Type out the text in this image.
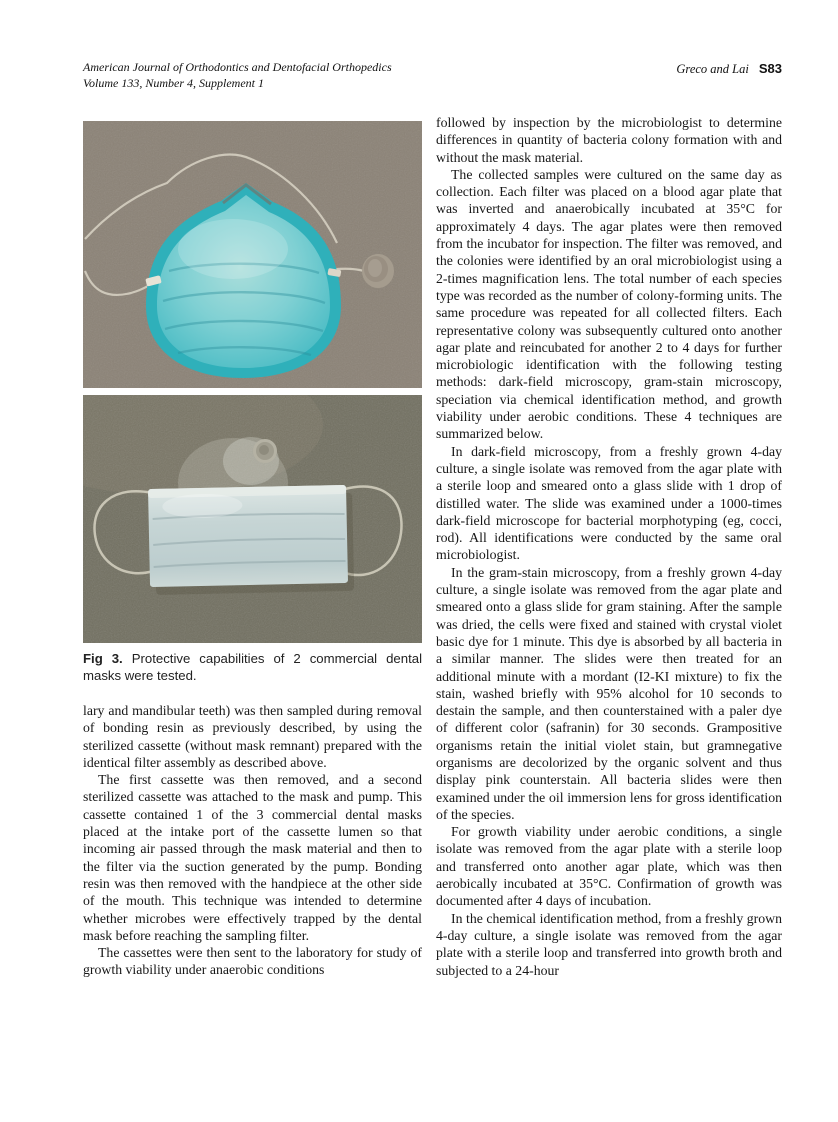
American Journal of Orthodontics and Dentofacial Orthopedics
Volume 133, Number 4, Supplement 1
Greco and Lai S83
Fig 3. Protective capabilities of 2 commercial dental masks were tested.

lary and mandibular teeth) was then sampled during removal of bonding resin as previously described, by using the sterilized cassette (without mask remnant) prepared with the identical filter assembly as described above.

The first cassette was then removed, and a second sterilized cassette was attached to the mask and pump. This cassette contained 1 of the 3 commercial dental masks placed at the intake port of the cassette lumen so that incoming air passed through the mask material and then to the filter via the suction generated by the pump. Bonding resin was then removed with the handpiece at the other side of the mouth. This technique was intended to determine whether microbes were effectively trapped by the dental mask before reaching the sampling filter.

The cassettes were then sent to the laboratory for study of growth viability under anaerobic conditions

followed by inspection by the microbiologist to determine differences in quantity of bacteria colony formation with and without the mask material.

The collected samples were cultured on the same day as collection. Each filter was placed on a blood agar plate that was inverted and anaerobically incubated at 35°C for approximately 4 days. The agar plates were then removed from the incubator for inspection. The filter was removed, and the colonies were identified by an oral microbiologist using a 2-times magnification lens. The total number of each species type was recorded as the number of colony-forming units. The same procedure was repeated for all collected filters. Each representative colony was subsequently cultured onto another agar plate and reincubated for another 2 to 4 days for further microbiologic identification with the following testing methods: dark-field microscopy, gram-stain microscopy, speciation via chemical identification method, and growth viability under aerobic conditions. These 4 techniques are summarized below.

In dark-field microscopy, from a freshly grown 4-day culture, a single isolate was removed from the agar plate with a sterile loop and smeared onto a glass slide with 1 drop of distilled water. The slide was examined under a 1000-times dark-field microscope for bacterial morphotyping (eg, cocci, rod). All identifications were conducted by the same oral microbiologist.

In the gram-stain microscopy, from a freshly grown 4-day culture, a single isolate was removed from the agar plate and smeared onto a glass slide for gram staining. After the sample was dried, the cells were fixed and stained with crystal violet basic dye for 1 minute. This dye is absorbed by all bacteria in a similar manner. The slides were then treated for an additional minute with a mordant (I2-KI mixture) to fix the stain, washed briefly with 95% alcohol for 10 seconds to destain the sample, and then counterstained with a paler dye of different color (safranin) for 30 seconds. Grampositive organisms retain the initial violet stain, but gramnegative organisms are decolorized by the organic solvent and thus display pink counterstain. All bacteria slides were then examined under the oil immersion lens for gross identification of the species.

For growth viability under aerobic conditions, a single isolate was removed from the agar plate with a sterile loop and transferred onto another agar plate, which was then aerobically incubated at 35°C. Confirmation of growth was documented after 4 days of incubation.

In the chemical identification method, from a freshly grown 4-day culture, a single isolate was removed from the agar plate with a sterile loop and transferred into growth broth and subjected to a 24-hour
